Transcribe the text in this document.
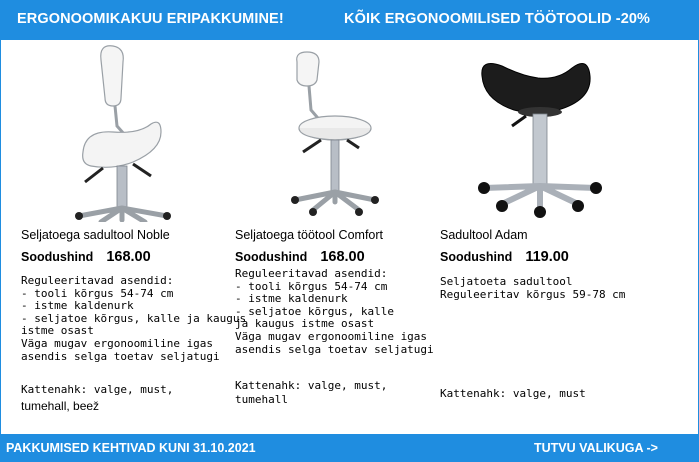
ERGONOOMIKAKUU ERIPAKKUMINE!	KÕIK ERGONOOMILISED TÖÖTOOLID -20%
Seljatoega sadultool Noble
Soodushind 168.00
Reguleeritavad asendid:
- tooli kõrgus 54-74 cm
- istme kaldenurk
- seljatoe kõrgus, kalle ja kaugus
istme osast
Väga mugav ergonoomiline igas
asendis selga toetav seljatugi
Kattenahk: valge, must,
tumehall, beež
Seljatoega töötool Comfort
Soodushind 168.00
Reguleeritavad asendid:
- tooli kõrgus 54-74 cm
- istme kaldenurk
- seljatoe kõrgus, kalle
ja kaugus istme osast
Väga mugav ergonoomiline igas
asendis selga toetav seljatugi
Kattenahk: valge, must,
tumehall
Sadultool Adam
Soodushind 119.00
Seljatoeta sadultool
Reguleeritav kõrgus 59-78 cm
Kattenahk: valge, must
PAKKUMISED KEHTIVAD KUNI 31.10.2021	TUTVU VALIKUGA ->
